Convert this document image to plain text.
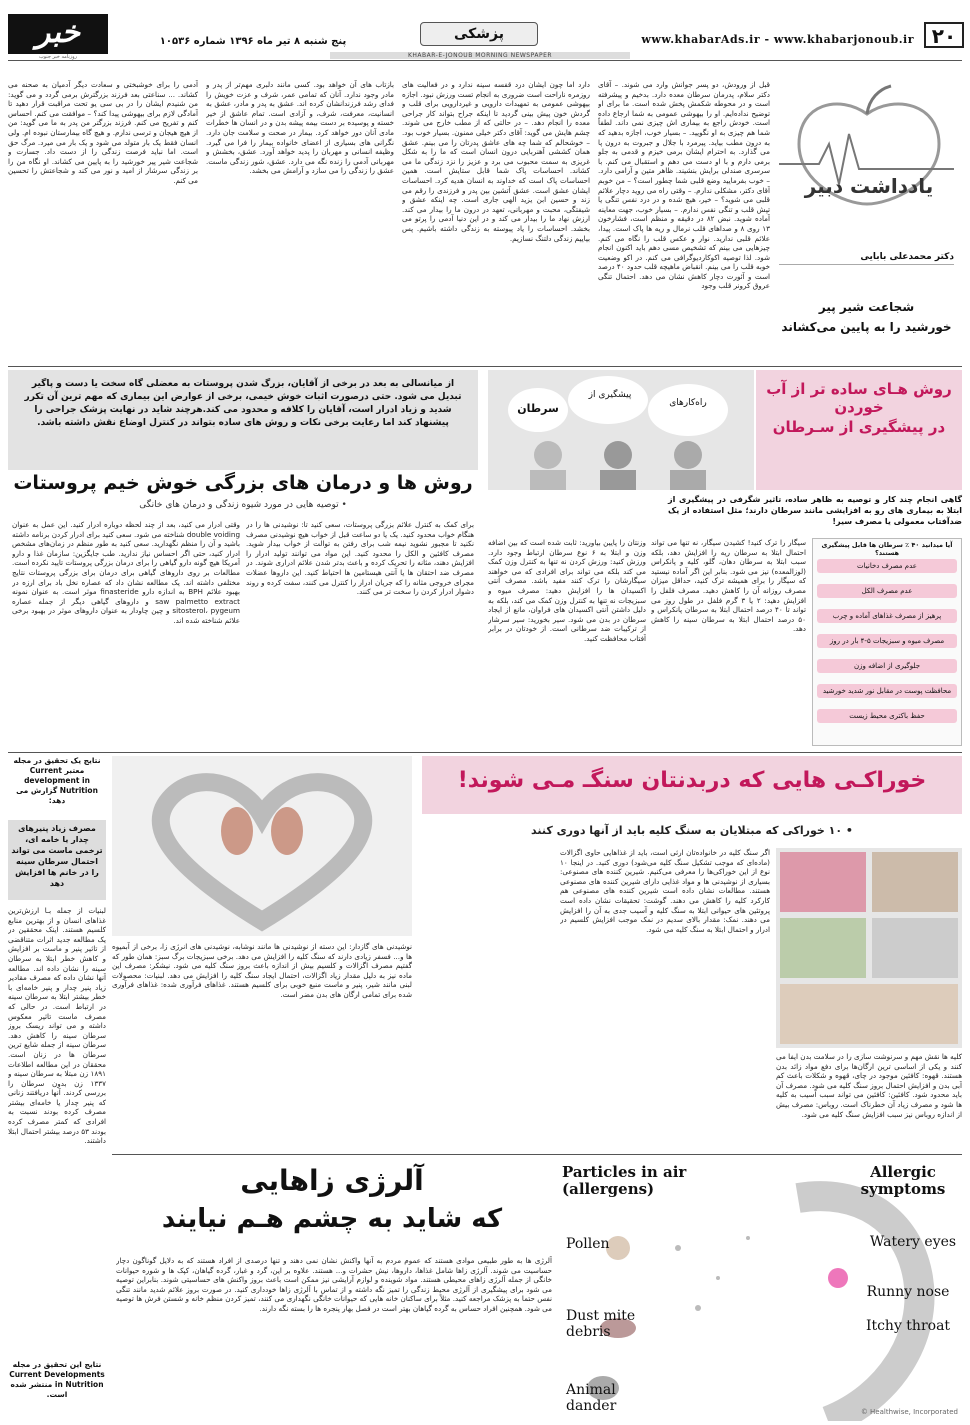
۲۰
www.khabarAds.ir - www.khabarjonoub.ir
پزشکی
پنج شنبه ۸ تیر ماه ۱۳۹۶ شماره ۱۰۵۳۶
خبر
روزنامه خبر جنوب	KHABAR-E-JONOUB MORNING NEWSPAPER
یادداشت دبیر
دکتر محمدعلی بابایی
شجاعت شیر پیر
خورشید را به پایین می‌کشاند
قبل از ورودش، دو پسر جوانش وارد می شوند. – آقای دکتر سلام، پدرمان سرطان معده دارد. بدخیم و پیشرفته است و در محوطه شکمش پخش شده است. ما برای او توضیح نداده‌ایم. او را بیهوشی عمومی به شما ارجاع داده است. خودش راجع به بیماری اش چیزی نمی داند. لطفاً شما هم چیزی به او نگویید. – بسیار خوب، اجازه بدهید که به درون مطب بیاید. پیرمرد با جلال و جبروت به درون پا می گذارد. به احترام ایشان برمی خیزم و قدمی به جلو برمی دارم و با او دست می دهم و استقبال می کنم. با سرسری صندلی برایش بنشیند. ظاهر متین و آرامی دارد. – خوب بفرمایید وضع قلبی شما چطور است؟ – من خوبم آقای دکتر، مشکلی ندارم. – وقتی راه می روید دچار علائم قلبی می شوید؟ – خیر، هیچ شده و در درد نفس تنگی یا تپش قلب و تنگی نفس ندارم. – بسیار خوب، جهت معاینه آماده شوید. نبض ۸۲ در دقیقه و منظم است، فشارخون ۱۳ روی ۸ و صداهای قلب نرمال و ریه ها پاک است. پیدا، علائم قلبی ندارید. نوار و عکس قلب را نگاه می کنم. چیزهایی می بینم که تشخیص مسی دهم باید اکنون انجام شود. لذا توصیه اکوکاردیوگرافی می کنم. در اکو وضعیت خوبه قلب را می بینم. انقباض ماهیچه قلب حدود ۴۰ درصد است و آئورت دچار کاهش نشان می دهد. احتمال تنگی عروق کرونر قلب وجود
دارد اما چون ایشان درد قفسه سینه ندارد و در فعالیت های روزمره ناراحت است ضروری به انجام تست ورزش نبود. اجازه بیهوشی عمومی به تمهیدات دارویی و غیردارویی برای قلب و گردش خون پیش بینی گردید تا اینکه جراح بتواند کار جراحی معده را انجام دهد. – در حالتی که از مطب خارج می شوند. چشم هایش می گوید: آقای دکتر خیلی ممنون. بسیار خوب بود. – خوشحالم که شما چه های عاشق پدرتان را می بینم. عشق همان کششی آهنربایی درون انسان است که ما را به شکل غریزی به سمت محبوب می برد و عزیز را نزد زندگی ما می کشاند. احساسات پاک شما قابل ستایش است. همین احساسات پاک است که خداوند به انسان هدیه کرد. احساسات ایشان عشق است. عشق آتشین بین پدر و فرزندی را رقم می زند و حسین ابن یزید الهی جاری است. چه اینکه عشق و شیفتگی، محبت و مهربانی، تعهد در درون ما را بیدار می کند. ارزش نهاد ما را بیدار می کند و در این دنیا آدمی را پرتو می بخشد. احساسات را یاد پیوسته به زندگی داشته باشیم. پس بیاییم زندگی دلتنگ نسازیم.
بازتاب های آن خواهد بود. کسی مانند دلبری مهم‌تر از پدر و مادر وجود ندارد. آنان که تمامی عمر، شرف و عزت خویش را فدای رشد فرزندانشان کرده اند. عشق به پدر و مادر، عشق به انسانیت، معرفت، شرف، و آزادی است. تمام عاشق از خیر خسته و پوسیده بر دست بیمه پیشه بدن و در انسان ها خطرات مادی آنان دور خواهد کرد. بیمار در صحت و سلامت جان دارد. نگرانی های بسیاری از اعضای خانواده بیمار را فرا می گیرد. وظیفه انسانی و مهربان را پدید خواهد آورد. عشق، بخشش و مهربانی آدمی را زنده نگه می دارد. عشق، شور زندگی ماست. عشق را زندگی را می سازد و آرامش می بخشد.
آدمی را برای خوشبختی و سعادت دیگر آدمیان به صحنه می کشاند. ... سناعتی بعد فرزند بزرگترش برمی گردد و می گوید: من شنیدم ایشان را در بی سی یو تحت مراقبت قرار دهید تا آمادگی لازم برای بیهوشی پیدا کند؟ – موافقت می کنم. احساس کنم و تفریح می کنم. فرزند بزرگتر من پدر به ما می گوید: من از هیچ هیجان و ترسی ندارم. و هیچ گاه بیمارستان نبوده ام. ولی انسان فقط یک بار متولد می شود و یک بار می میرد. مرگ حق است. اما نباید فرصت زندگی را از دست داد. جسارت و شجاعت شیر پیر خورشید را به پایین می کشاند. او نگاه من را بر زندگی سرشار از امید و نور می کند و شجاعتش را تحسین می کنم.
از میانسالی به بعد در برخی از آقایان، بزرگ شدن پروستات به معضلی گاه سخت یا دست و پاگیر تبدیل می شود. حتی درصورت اثبات خوش خیمی، برخی از عوارض این بیماری که مهم ترین آن تکرر شدید و زیاد ادرار است، آقایان را کلافه و محدود می کند.هرچند شاید در نهایت پزشک جراحی را پیشنهاد کند اما رعایت برخی نکات و روش های ساده بتواند در کنترل اوضاع نقش داشته باشد.
روش ها و درمان های بزرگی خوش خیم پروستات
• توصیه هایی در مورد شیوه زندگی و درمان های خانگی
برای کمک به کنترل علائم بزرگی پروستات، سعی کنید تا: نوشیدنی ها را در هنگام خواب محدود کنید. یک یا دو ساعت قبل از خواب هیچ نوشیدنی مصرف نکنید تا مجبور نشوید نیمه شب برای رفتن به توالت از خواب بیدار شوید. مصرف کافئین و الکل را محدود کنید. این مواد می توانند تولید ادرار را افزایش دهند، مثانه را تحریک کرده و باعث بدتر شدن علائم ادراری شوند. در مصرف ضد احتقان ها یا آنتی هیستامین ها احتیاط کنید. این داروها عضلات مجرای خروجی مثانه را که جریان ادرار را کنترل می کنند، سفت کرده و روند دشوار ادرار کردن را سخت تر می کنند.
وقتی ادرار می کنید، بعد از چند لحظه دوباره ادرار کنید. این عمل به عنوان double voiding شناخته می شود. سعی کنید برای ادرار کردن برنامه داشته باشید و آن را منظم نگهدارید. سعی کنید به طور منظم در زمان‌های مشخص ادرار کنید، حتی اگر احساس نیاز ندارید. طب جایگزین: سازمان غذا و دارو آمریکا هیچ گونه دارو گیاهی را برای درمان بزرگی پروستات تایید نکرده است. مطالعات بر روی داروهای گیاهی برای درمان برای بزرگی پروستات نتایج مختلفی داشته اند. یک مطالعه نشان داد که عصاره نخل باد برای ارزه در بهبود علائم BPH به اندازه دارو finasteride موثر است. به عنوان نمونه saw palmetto extract و داروهای گیاهی دیگر از جمله عصاره sitosterol، pygeum و چین چاودار به عنوان داروهای موثر در بهبود برخی علائم شناخته شده اند.
روش هـای ساده تر از آب خوردن
در پیشگیری از سـرطان
راه‌کارهای
پیشگیری از
سرطان
گاهی انجام چند کار و توصیه به ظاهر ساده، تاثیر شگرفی در پیشگیری از ابتلا به بیماری های رو به افزایشی مانند سرطان دارند؛ مثل استفاده از یک ضدآفتاب معمولی یا مصرف سیر!
آیا میدانید ۴۰ ٪ سرطان ها قابل پیشگیری هستند؟
عدم مصرف دخانیات
عدم مصرف الکل
پرهیز از مصرف غذاهای آماده و چرب
مصرف میوه و سبزیجات ۵-۴ بار در روز
جلوگیری از اضافه وزن
محافظت پوست در مقابل نور شدید خورشید
حفظ باکتری محیط زیست
سیگار را ترک کنید! کشیدن سیگار، نه تنها می تواند احتمال ابتلا به سرطان ریه را افزایش دهد، بلکه سبب ابتلا به سرطان دهان، گلو، کلیه و پانکراس (لوزالمعده) نیز می شود. بنابر این اگر آماده نیستید که سیگار را برای همیشه ترک کنید، حداقل میزان مصرف روزانه آن را کاهش دهید. مصرف فلفل را افزایش دهید: ۲ یا ۳ گرم فلفل در طول روز می تواند تا ۴۰ درصد احتمال ابتلا به سرطان پانکراس و ۵۰ درصد احتمال ابتلا به سرطان سینه را کاهش دهد.
وزنتان را پایین بیاورید: ثابت شده است که بین اضافه وزن و ابتلا به ۶ نوع سرطان ارتباط وجود دارد. ورزش کنید: ورزش کردن نه تنها به کنترل وزن کمک می کند بلکه می تواند برای افرادی که می خواهند سیگارشان را ترک کنند مفید باشد. مصرف آنتی اکسیدان ها را افزایش دهید: مصرف میوه و سبزیجات نه تنها به کنترل وزن کمک می کند، بلکه به دلیل داشتن آنتی اکسیدان های فراوان، مانع از ایجاد سرطان در بدن می شود. سیر بخورید: سیر سرشار از ترکیبات ضد سرطانی است. از خودتان در برابر آفتاب محافظت کنید.
نتایج یک تحقیق در مجله معتبر Current development in Nutrition گزارش می دهد:
مصرف زیاد پنیرهای چدار یا خامه ای، ترخمی ماست می تواند احتمال سرطان سینه را در خانم ها افزایش دهد
لبنیات از جمله بـا ارزش‌ترین غذاهای انسان و از بهترین منابع کلسیم هستند. اینک محققین در یک مطالعه جدید اثرات متناقضی از تاثیر پنیر و ماست بر افزایش و کاهش خطر ابتلا به سرطان سینه را نشان داده اند. مطالعه آنها نشان داده که مصرف مقادیر زیاد پنیر چدار و پنیر خامه‌ای با خطر بیشتر ابتلا به سرطان سینه در ارتباط است. در حالی که مصرف ماست تاثیر معکوس داشته و می تواند ریسک بروز سرطان سینه را کاهش دهد. سرطان سینه از جمله شایع ترین سرطان ها در زنان است. محققان در این مطالعه اطلاعات ۱۸۹۱ زن مبتلا به سرطان سینه و ۱۳۳۷ زن بدون سرطان را بررسی کردند. آنها دریافتند زنانی که پنیر چدار یا خامه‌ای بیشتر مصرف کرده بودند نسبت به افرادی که کمتر مصرف کرده بودند ۵۳ درصد بیشتر احتمال ابتلا داشتند.
نتایج این تحقیق در مجله Current Developments in Nutrition منتشر شده است.
خوراکـی هایی که دربدنتان سنگـ مـی شوند!
• ۱۰ خوراکی که مبتلایان به سنگ کلیه باید از آنها دوری کنند
اگر سنگ کلیه در خانواده‌تان ارثی است، باید از غذاهایی حاوی اگزالات (ماده‌ای که موجب تشکیل سنگ کلیه می‌شود) دوری کنید. در اینجا ۱۰ نوع از این خوراکی‌ها را معرفی می‌کنیم. شیرین کننده های مصنوعی: بسیاری از نوشیدنی ها و مواد غذایی دارای شیرین کننده های مصنوعی هستند. مطالعات نشان داده است شیرین کننده های مصنوعی هم کارکرد کلیه را کاهش می دهند. گوشت: تحقیقات نشان داده است پروتئین های حیوانی ابتلا به سنگ کلیه و آسیب جدی به آن را افزایش می دهند. نمک: مقدار بالای سدیم در نمک موجب افزایش کلسیم در ادرار و احتمال ابتلا به سنگ کلیه می شود.
کلیه ها نقش مهم و سرنوشت سازی را در سلامت بدن ایفا می کنند و یکی از اساسی ترین ارگان‌ها برای دفع مواد زائد بدن هستند. قهوه: کافئین موجود در چای، قهوه و شکلات باعث کم آبی بدن و افزایش احتمال بروز سنگ کلیه می شود. مصرف آن باید محدود شود. کافئین: کافئین می تواند سبب آسیب به کلیه ها شود و مصرف زیاد آن خطرناک است. روباس: مصرف بیش از اندازه روباس نیز سبب افزایش سنگ کلیه می شود.
نوشیدنی های گازدار: این دسته از نوشیدنی ها مانند نوشابه، نوشیدنی های انرژی زا، برخی از آبمیوه ها و... فسفر زیادی دارند که سنگ کلیه را افزایش می دهد. برخی سبزیجات برگ سبز: همان طور که گفتیم مصرف اگزالات و کلسیم بیش از اندازه باعث بروز سنگ کلیه می شود. نیشکر: مصرف این ماده نیز به دلیل مقدار زیاد اگزالات، احتمال ایجاد سنگ کلیه را افزایش می دهد. لبنیات: محصولات لبنی مانند شیر، پنیر و ماست منبع خوبی برای کلسیم هستند. غذاهای فرآوری شده: غذاهای فرآوری شده برای تمامی ارگان های بدن مضر است.
آلرژی زاهایی
که شاید به چشم هـم نیایند
آلرژی ها به طور طبیعی موادی هستند که عموم مردم به آنها واکنش نشان نمی دهند و تنها درصدی از افراد هستند که به دلایل گوناگون دچار حساسیت می شوند. آلرژی زاها شامل غذاها، داروها، نیش حشرات و... هستند. علاوه بر این، گرد و غبار، گرده گیاهان، کپک ها و شوره حیوانات خانگی از جمله آلرژی زاهای محیطی هستند. مواد شوینده و لوازم آرایشی نیز ممکن است باعث بروز واکنش های حساسیتی شوند. بنابراین توصیه می شود برای پیشگیری از آلرژی محیط زندگی را تمیز نگه داشته و از تماس با آلرژی زاها خودداری کنید. در صورت بروز علائم شدید مانند تنگی نفس حتما به پزشک مراجعه کنید. مثلاً برای ساکنان خانه هایی که حیوانات خانگی نگهداری می کنند، تمیز کردن منظم خانه و شستن فرش ها توصیه می شود. همچنین افراد حساس به گرده گیاهان بهتر است در فصل بهار پنجره ها را بسته نگه دارند.
Particles in air (allergens)
Allergic symptoms
Pollen
Dust mite debris
Animal dander
Watery eyes
Runny nose
Itchy throat
© Healthwise, Incorporated
